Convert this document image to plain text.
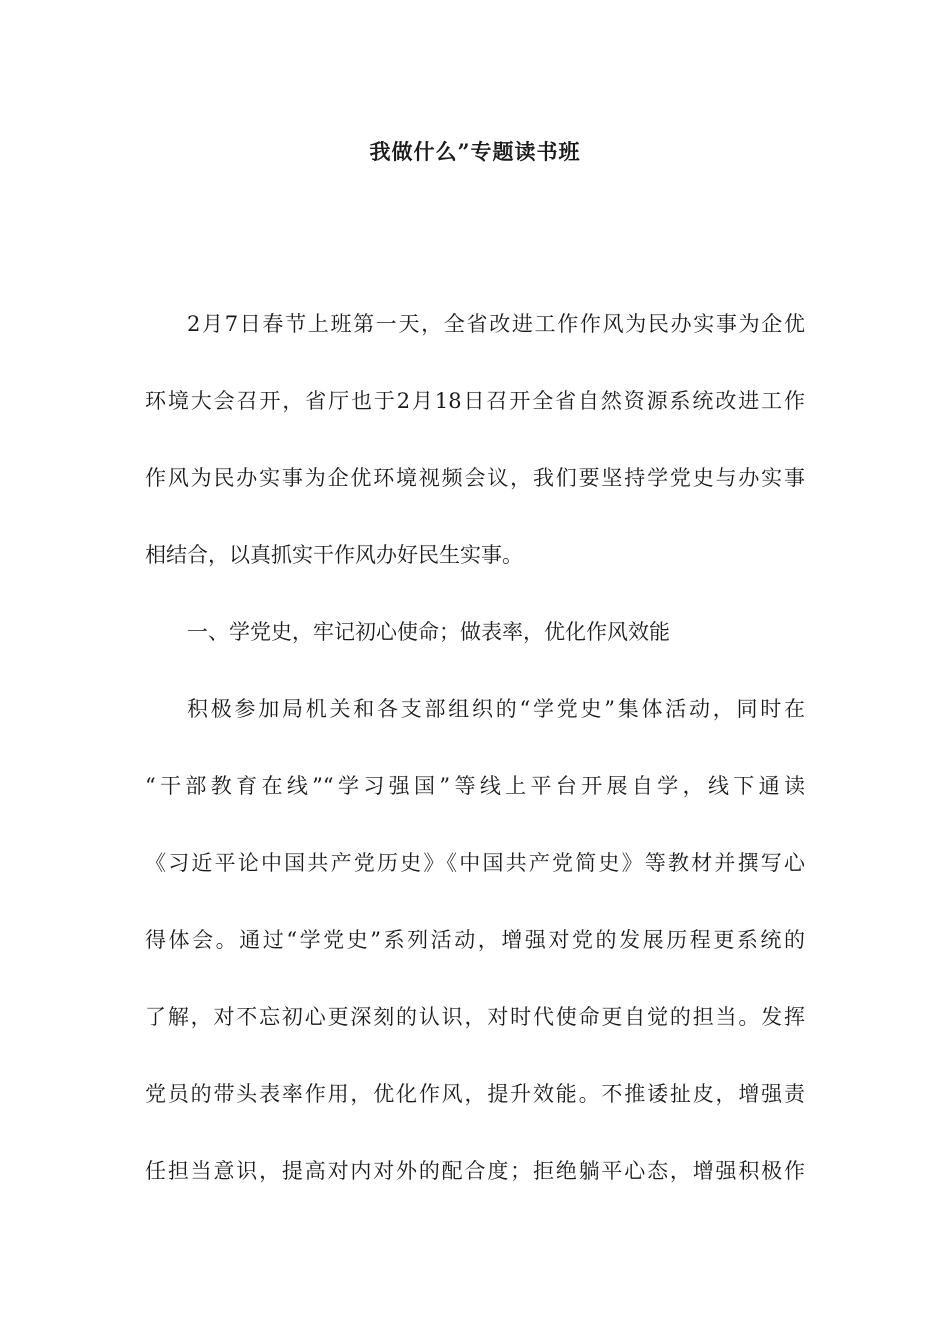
我做什么”专题读书班
2月7日春节上班第一天，全省改进工作作风为民办实事为企优
环境大会召开，省厅也于2月18日召开全省自然资源系统改进工作
作风为民办实事为企优环境视频会议，我们要坚持学党史与办实事
相结合，以真抓实干作风办好民生实事。
一、学党史，牢记初心使命；做表率，优化作风效能
积极参加局机关和各支部组织的“学党史”集体活动，同时在
“干部教育在线”“学习强国”等线上平台开展自学，线下通读
《习近平论中国共产党历史》《中国共产党简史》等教材并撰写心
得体会。通过“学党史”系列活动，增强对党的发展历程更系统的
了解，对不忘初心更深刻的认识，对时代使命更自觉的担当。发挥
党员的带头表率作用，优化作风，提升效能。不推诿扯皮，增强责
任担当意识，提高对内对外的配合度；拒绝躺平心态，增强积极作
